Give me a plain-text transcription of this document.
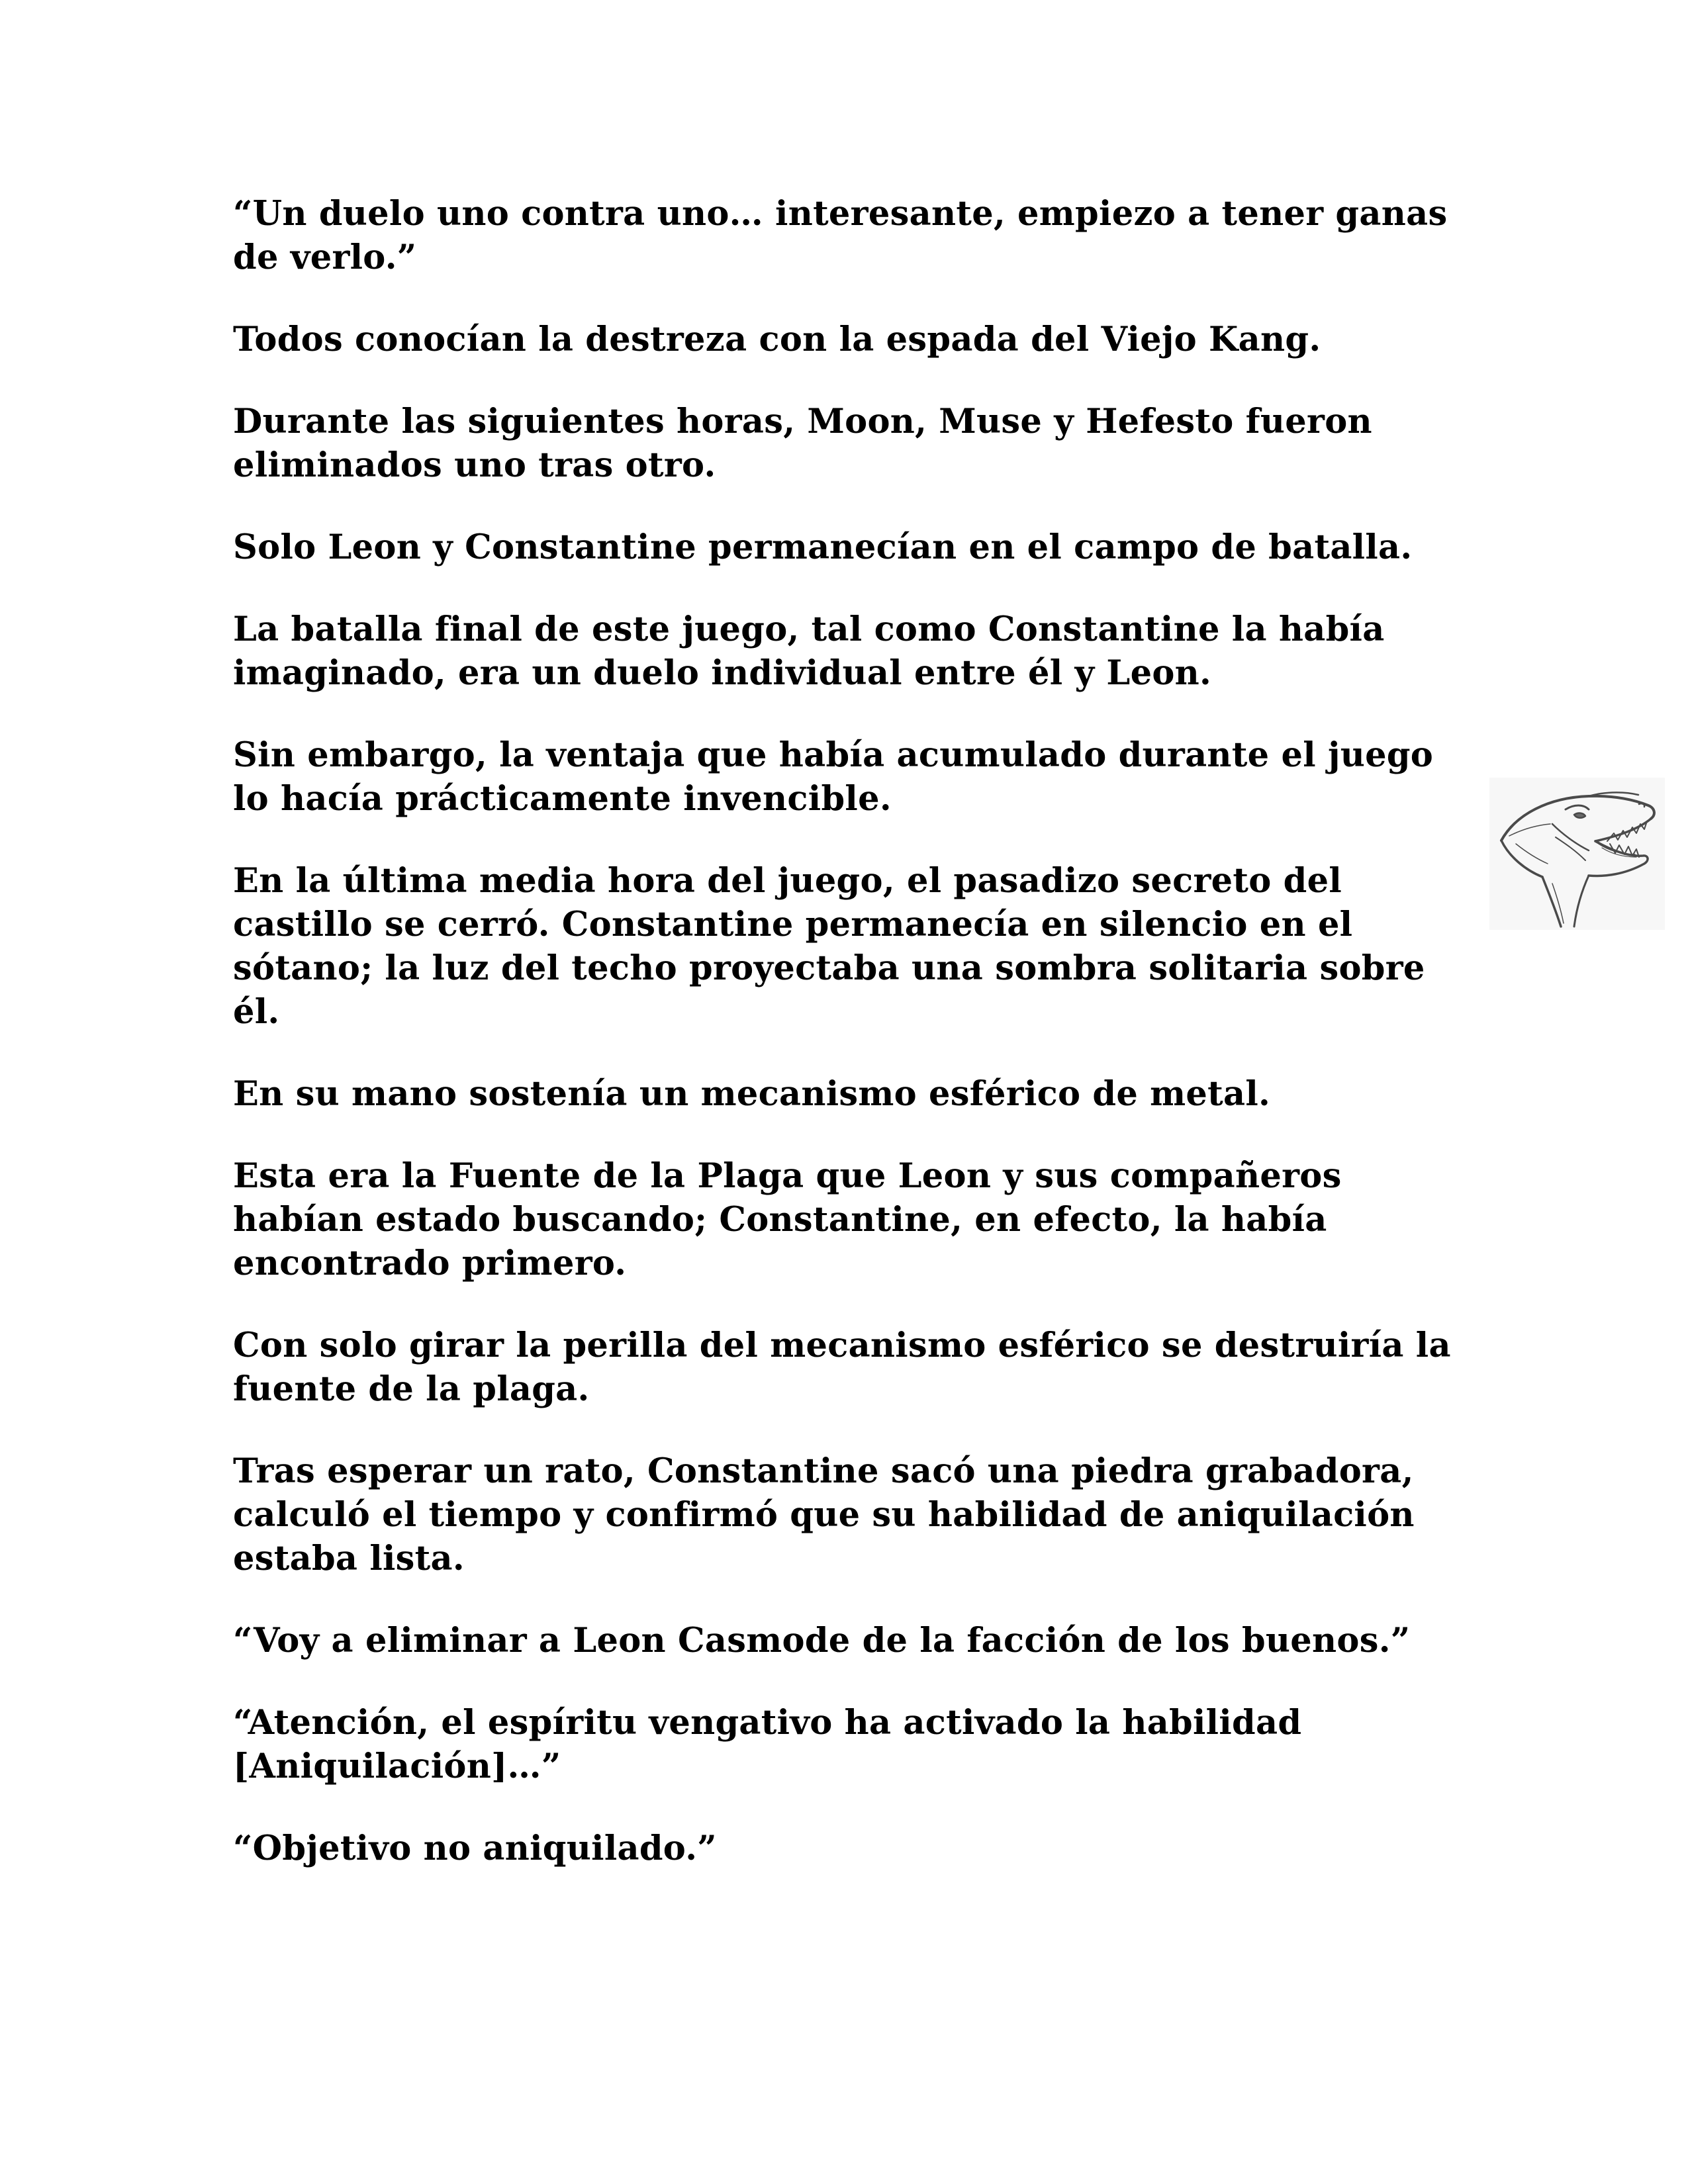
“Un duelo uno contra uno… interesante, empiezo a tener ganas de verlo.”

Todos conocían la destreza con la espada del Viejo Kang.

Durante las siguientes horas, Moon, Muse y Hefesto fueron eliminados uno tras otro.

Solo Leon y Constantine permanecían en el campo de batalla.

La batalla final de este juego, tal como Constantine la había imaginado, era un duelo individual entre él y Leon.

Sin embargo, la ventaja que había acumulado durante el juego lo hacía prácticamente invencible.

En la última media hora del juego, el pasadizo secreto del castillo se cerró. Constantine permanecía en silencio en el sótano; la luz del techo proyectaba una sombra solitaria sobre él.

En su mano sostenía un mecanismo esférico de metal.

Esta era la Fuente de la Plaga que Leon y sus compañeros habían estado buscando; Constantine, en efecto, la había encontrado primero.

Con solo girar la perilla del mecanismo esférico se destruiría la fuente de la plaga.

Tras esperar un rato, Constantine sacó una piedra grabadora, calculó el tiempo y confirmó que su habilidad de aniquilación estaba lista.

“Voy a eliminar a Leon Casmode de la facción de los buenos.”

“Atención, el espíritu vengativo ha activado la habilidad [Aniquilación]…”

“Objetivo no aniquilado.”
